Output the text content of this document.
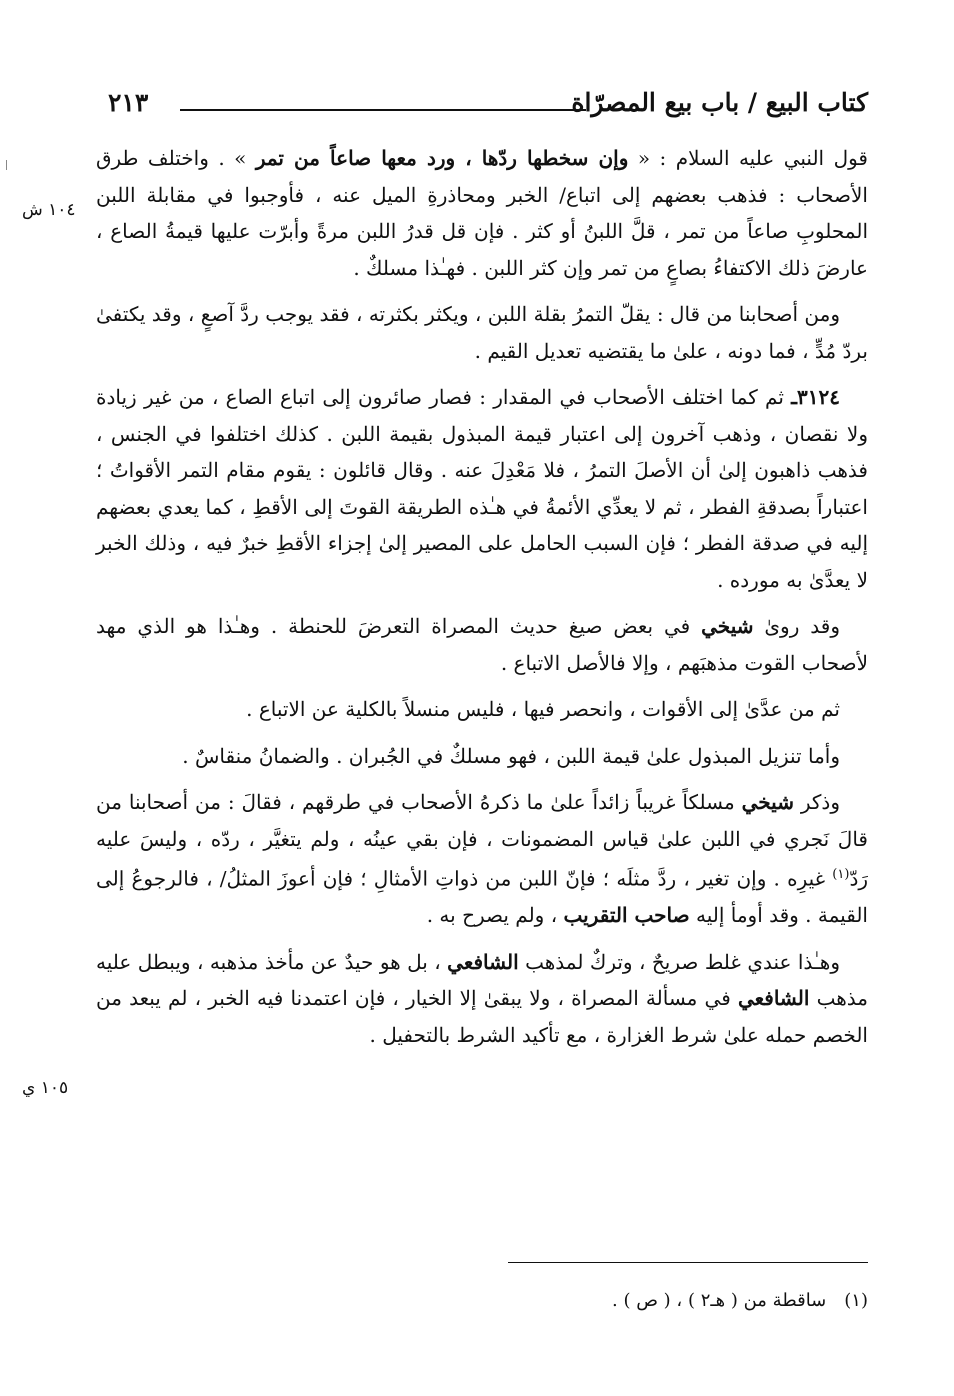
كتاب البيع / باب بيع المصرّاة
٢١٣
١٠٤ ش
١٠٥ ي

قول النبي عليه السلام : « وإن سخطها ردّها ، ورد معها صاعاً من تمر » . واختلف طرق الأصحاب : فذهب بعضهم إلى اتباع/ الخبر ومحاذرةِ الميل عنه ، فأوجبوا في مقابلة اللبن المحلوبِ صاعاً من تمر ، قلَّ اللبنُ أو كثر . فإن قل قدرُ اللبن مرةً وأبرّت عليها قيمةُ الصاع ، عارضَ ذلك الاكتفاءُ بصاعٍ من تمر وإن كثر اللبن . فهـٰذا مسلكٌ .

ومن أصحابنا من قال : يقلّ التمرُ بقلة اللبن ، ويكثر بكثرته ، فقد يوجب ردَّ آصعٍ ، وقد يكتفىٰ بردّ مُدٍّ ، فما دونه ، علىٰ ما يقتضيه تعديل القيم .

٣١٢٤ـ ثم كما اختلف الأصحاب في المقدار : فصار صائرون إلى اتباع الصاع ، من غير زيادة ولا نقصان ، وذهب آخرون إلى اعتبار قيمة المبذول بقيمة اللبن . كذلك اختلفوا في الجنس ، فذهب ذاهبون إلىٰ أن الأصلَ التمرُ ، فلا مَعْدِلَ عنه . وقال قائلون : يقوم مقام التمر الأقواتُ ؛ اعتباراً بصدقةِ الفطر ، ثم لا يعدِّي الأئمةُ في هـٰذه الطريقة القوتَ إلى الأقطِ ، كما يعدي بعضهم إليه في صدقة الفطر ؛ فإن السبب الحامل على المصير إلىٰ إجزاء الأقطِ خبرٌ فيه ، وذلك الخبر لا يعدَّىٰ به مورده .

وقد روىٰ شيخي في بعض صيغ حديث المصراة التعرضَ للحنطة . وهـٰذا هو الذي مهد لأصحاب القوت مذهبَهم ، وإلا فالأصل الاتباع .

ثم من عدَّىٰ إلى الأقوات ، وانحصر فيها ، فليس منسلاً بالكلية عن الاتباع .

وأما تنزيل المبذول علىٰ قيمة اللبن ، فهو مسلكٌ في الجُبران . والضمانُ منقاسٌ .

وذكر شيخي مسلكاً غريباً زائداً علىٰ ما ذكرهُ الأصحاب في طرقهم ، فقالَ : من أصحابنا من قالَ نَجري في اللبن علىٰ قياس المضمونات ، فإن بقي عينُه ، ولم يتغيَّر ، ردّه ، وليسَ عليه رَدّ$^{(١)}$ غيرِه . وإن تغير ، ردَّ مثلَه ؛ فإنّ اللبن من ذواتِ الأمثالِ ؛ فإن أعوزَ المثلُ/ ، فالرجوعُ إلى القيمة . وقد أومأ إليه صاحب التقريب ، ولم يصرح به .

وهـٰذا عندي غلط صريحٌ ، وتركٌ لمذهب الشافعي ، بل هو حيدٌ عن مأخذ مذهبه ، ويبطل عليه مذهب الشافعي في مسألة المصراة ، ولا يبقىٰ إلا الخيار ، فإن اعتمدنا فيه الخبر ، لم يبعد من الخصم حمله علىٰ شرط الغزارة ، مع تأكيد الشرط بالتحفيل .

(١)ساقطة من ( هـ٢ ) ، ( ص ) .
